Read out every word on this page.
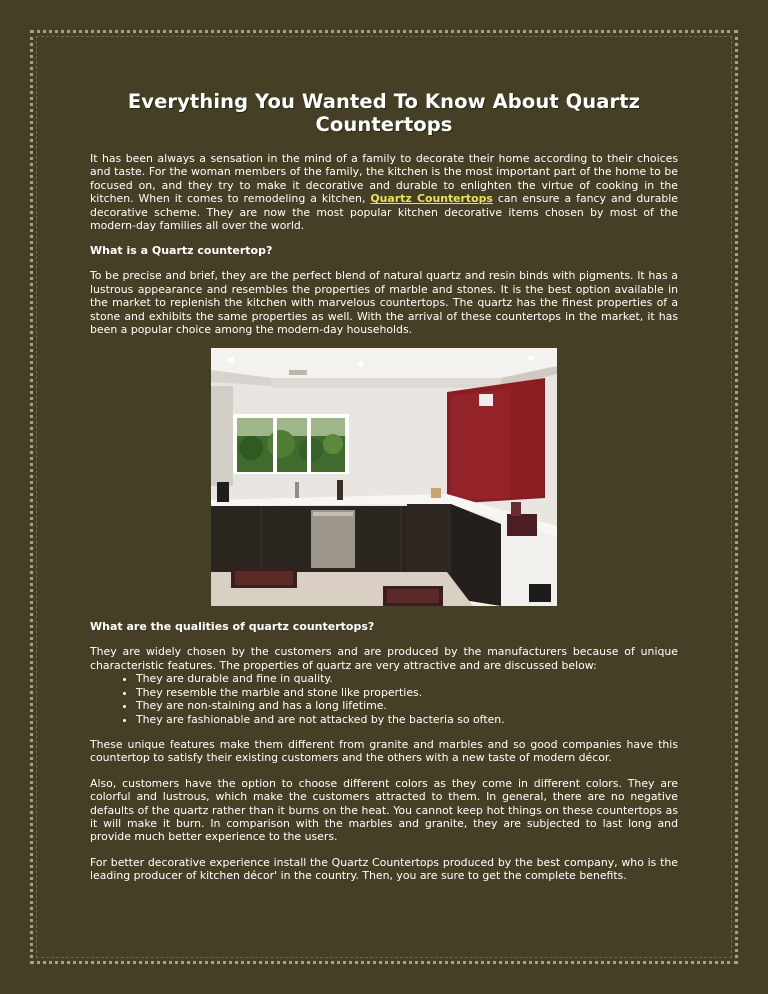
Everything You Wanted To Know About Quartz Countertops

It has been always a sensation in the mind of a family to decorate their home according to their choices and taste. For the woman members of the family, the kitchen is the most important part of the home to be focused on, and they try to make it decorative and durable to enlighten the virtue of cooking in the kitchen. When it comes to remodeling a kitchen, Quartz Countertops can ensure a fancy and durable decorative scheme. They are now the most popular kitchen decorative items chosen by most of the modern-day families all over the world.

What is a Quartz countertop?

To be precise and brief, they are the perfect blend of natural quartz and resin binds with pigments. It has a lustrous appearance and resembles the properties of marble and stones. It is the best option available in the market to replenish the kitchen with marvelous countertops. The quartz has the finest properties of a stone and exhibits the same properties as well. With the arrival of these countertops in the market, it has been a popular choice among the modern-day households.

What are the qualities of quartz countertops?

They are widely chosen by the customers and are produced by the manufacturers because of unique characteristic features. The properties of quartz are very attractive and are discussed below:

• They are durable and fine in quality.
• They resemble the marble and stone like properties.
• They are non-staining and has a long lifetime.
• They are fashionable and are not attacked by the bacteria so often.

These unique features make them different from granite and marbles and so good companies have this countertop to satisfy their existing customers and the others with a new taste of modern décor.

Also, customers have the option to choose different colors as they come in different colors. They are colorful and lustrous, which make the customers attracted to them. In general, there are no negative defaults of the quartz rather than it burns on the heat. You cannot keep hot things on these countertops as it will make it burn. In comparison with the marbles and granite, they are subjected to last long and provide much better experience to the users.

For better decorative experience install the Quartz Countertops produced by the best company, who is the leading producer of kitchen décor' in the country. Then, you are sure to get the complete benefits.
